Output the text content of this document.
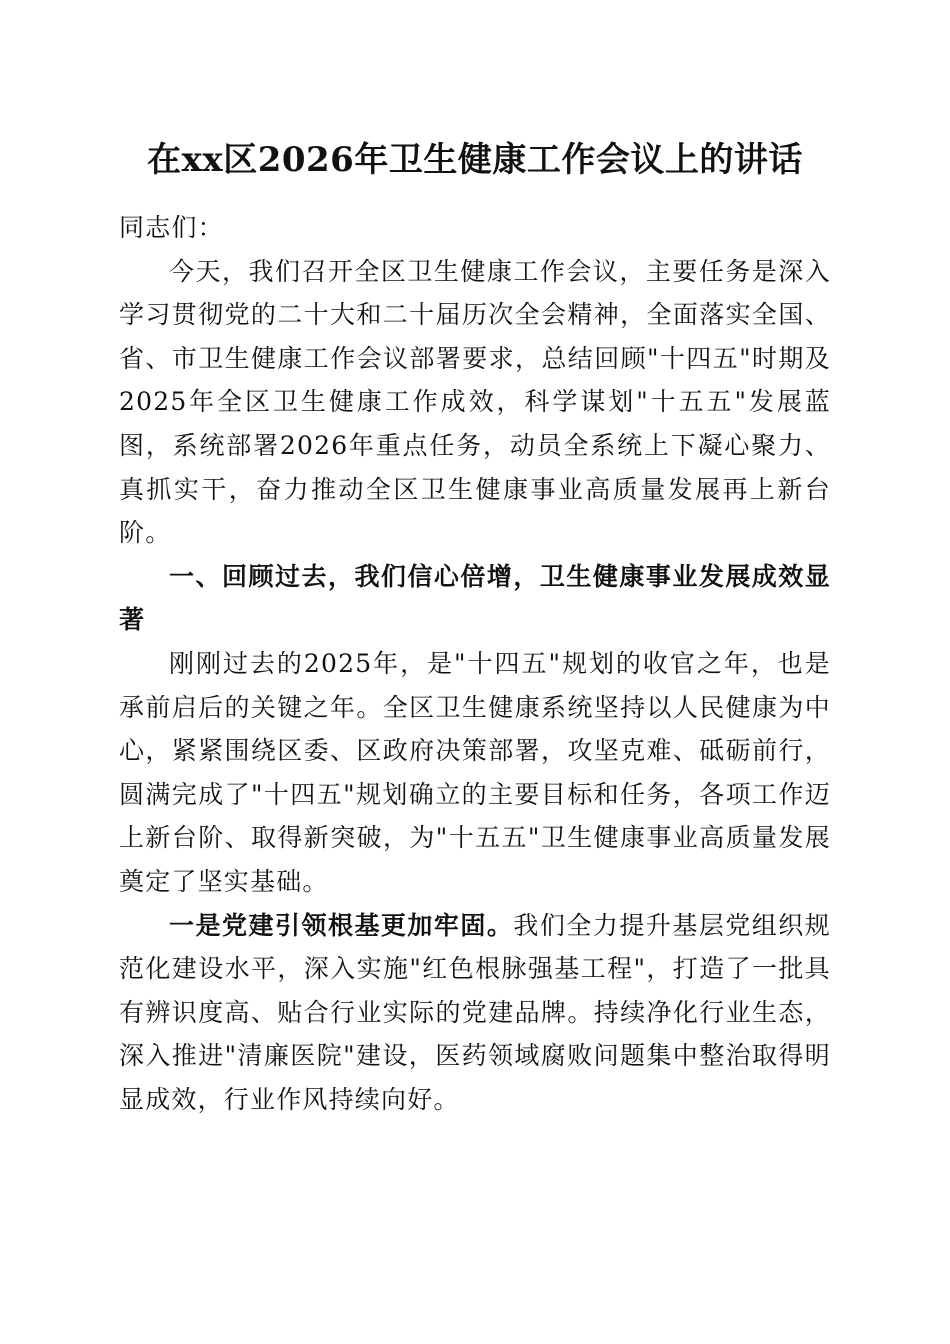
在xx区2026年卫生健康工作会议上的讲话

同志们：

今天，我们召开全区卫生健康工作会议，主要任务是深入学习贯彻党的二十大和二十届历次全会精神，全面落实全国、省、市卫生健康工作会议部署要求，总结回顾"十四五"时期及2025年全区卫生健康工作成效，科学谋划"十五五"发展蓝图，系统部署2026年重点任务，动员全系统上下凝心聚力、真抓实干，奋力推动全区卫生健康事业高质量发展再上新台阶。

一、回顾过去，我们信心倍增，卫生健康事业发展成效显著

刚刚过去的2025年，是"十四五"规划的收官之年，也是承前启后的关键之年。全区卫生健康系统坚持以人民健康为中心，紧紧围绕区委、区政府决策部署，攻坚克难、砥砺前行，圆满完成了"十四五"规划确立的主要目标和任务，各项工作迈上新台阶、取得新突破，为"十五五"卫生健康事业高质量发展奠定了坚实基础。

一是党建引领根基更加牢固。我们全力提升基层党组织规范化建设水平，深入实施"红色根脉强基工程"，打造了一批具有辨识度高、贴合行业实际的党建品牌。持续净化行业生态，深入推进"清廉医院"建设，医药领域腐败问题集中整治取得明显成效，行业作风持续向好。
